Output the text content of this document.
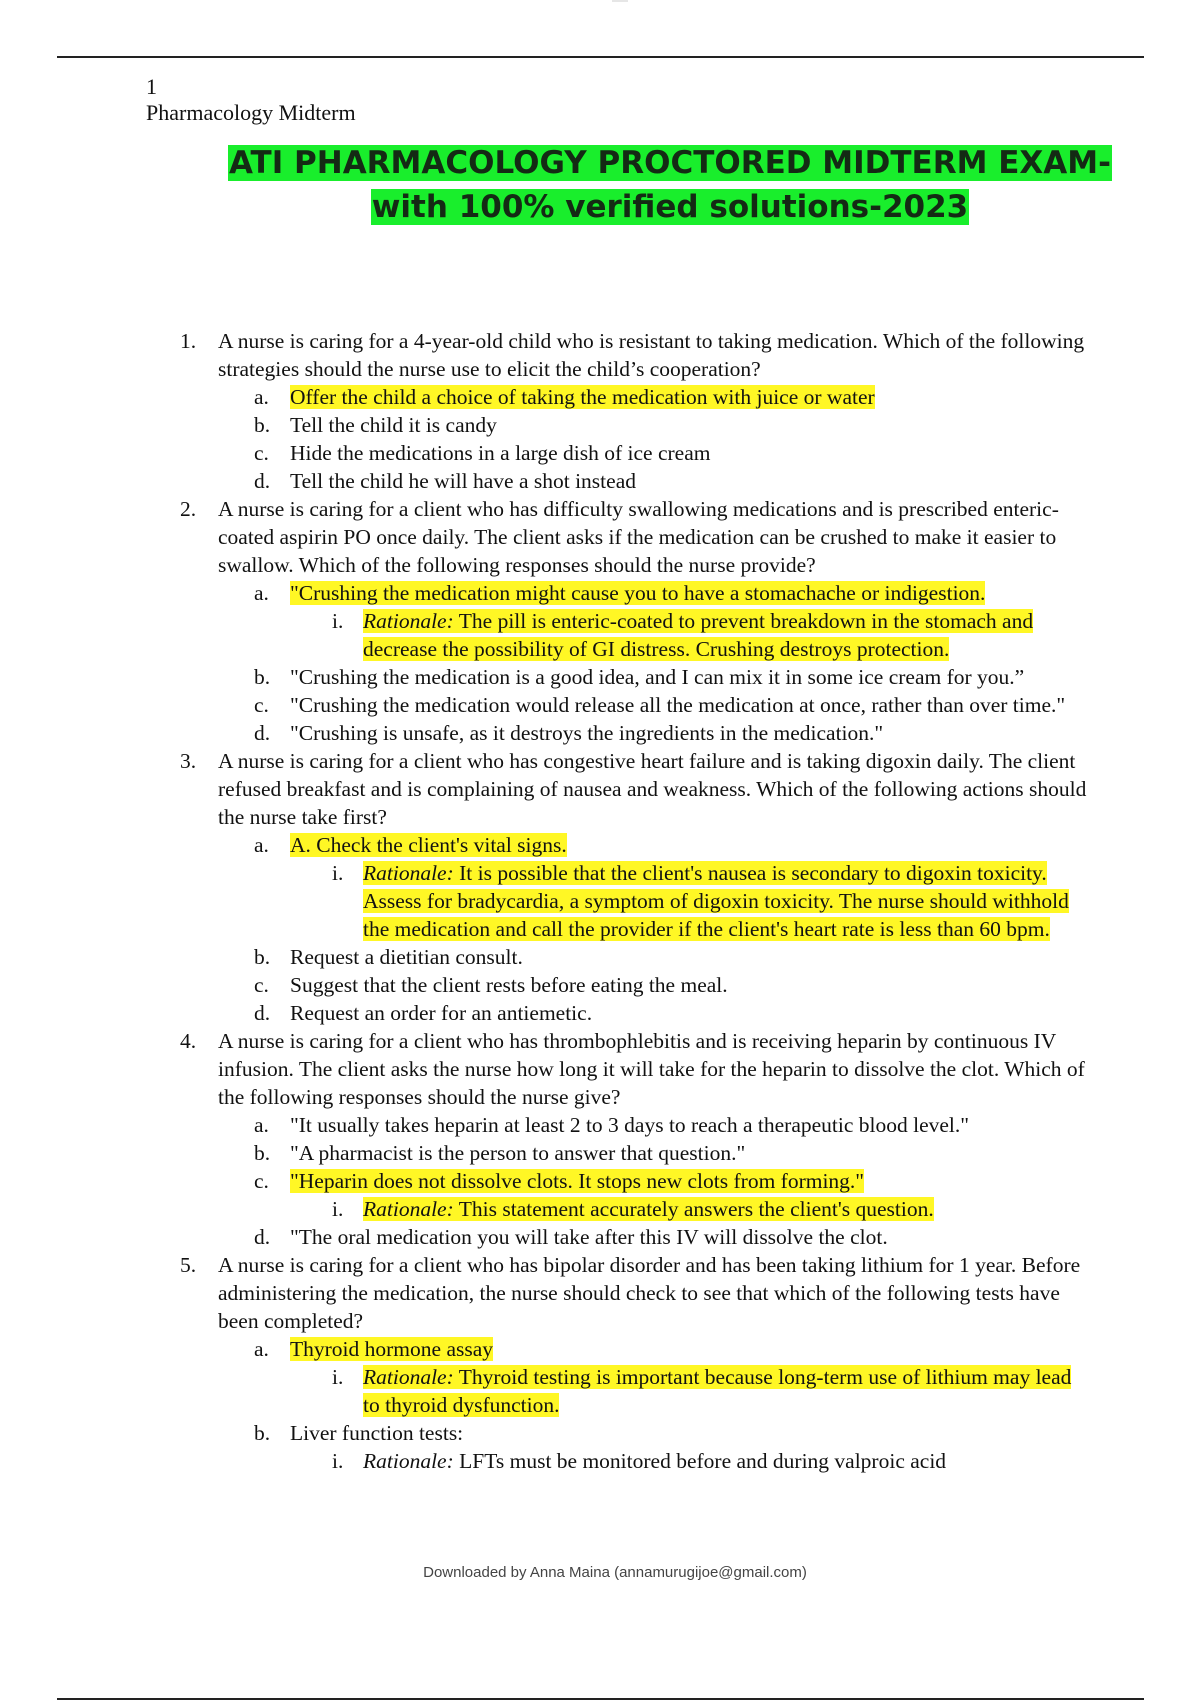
1
Pharmacology Midterm
ATI PHARMACOLOGY PROCTORED MIDTERM EXAM-
with 100% verified solutions-2023
1. A nurse is caring for a 4-year-old child who is resistant to taking medication. Which of the following strategies should the nurse use to elicit the child’s cooperation?
a. Offer the child a choice of taking the medication with juice or water
b. Tell the child it is candy
c. Hide the medications in a large dish of ice cream
d. Tell the child he will have a shot instead
2. A nurse is caring for a client who has difficulty swallowing medications and is prescribed enteric-coated aspirin PO once daily. The client asks if the medication can be crushed to make it easier to swallow. Which of the following responses should the nurse provide?
a. "Crushing the medication might cause you to have a stomachache or indigestion.
i. Rationale: The pill is enteric-coated to prevent breakdown in the stomach and decrease the possibility of GI distress. Crushing destroys protection.
b. "Crushing the medication is a good idea, and I can mix it in some ice cream for you.”
c. "Crushing the medication would release all the medication at once, rather than over time."
d. "Crushing is unsafe, as it destroys the ingredients in the medication."
3. A nurse is caring for a client who has congestive heart failure and is taking digoxin daily. The client refused breakfast and is complaining of nausea and weakness. Which of the following actions should the nurse take first?
a. A. Check the client's vital signs.
i. Rationale: It is possible that the client's nausea is secondary to digoxin toxicity. Assess for bradycardia, a symptom of digoxin toxicity. The nurse should withhold the medication and call the provider if the client's heart rate is less than 60 bpm.
b. Request a dietitian consult.
c. Suggest that the client rests before eating the meal.
d. Request an order for an antiemetic.
4. A nurse is caring for a client who has thrombophlebitis and is receiving heparin by continuous IV infusion. The client asks the nurse how long it will take for the heparin to dissolve the clot. Which of the following responses should the nurse give?
a. "It usually takes heparin at least 2 to 3 days to reach a therapeutic blood level."
b. "A pharmacist is the person to answer that question."
c. "Heparin does not dissolve clots. It stops new clots from forming."
i. Rationale: This statement accurately answers the client's question.
d. "The oral medication you will take after this IV will dissolve the clot.
5. A nurse is caring for a client who has bipolar disorder and has been taking lithium for 1 year. Before administering the medication, the nurse should check to see that which of the following tests have been completed?
a. Thyroid hormone assay
i. Rationale: Thyroid testing is important because long-term use of lithium may lead to thyroid dysfunction.
b. Liver function tests:
i. Rationale: LFTs must be monitored before and during valproic acid
Downloaded by Anna Maina (annamurugijoe@gmail.com)
